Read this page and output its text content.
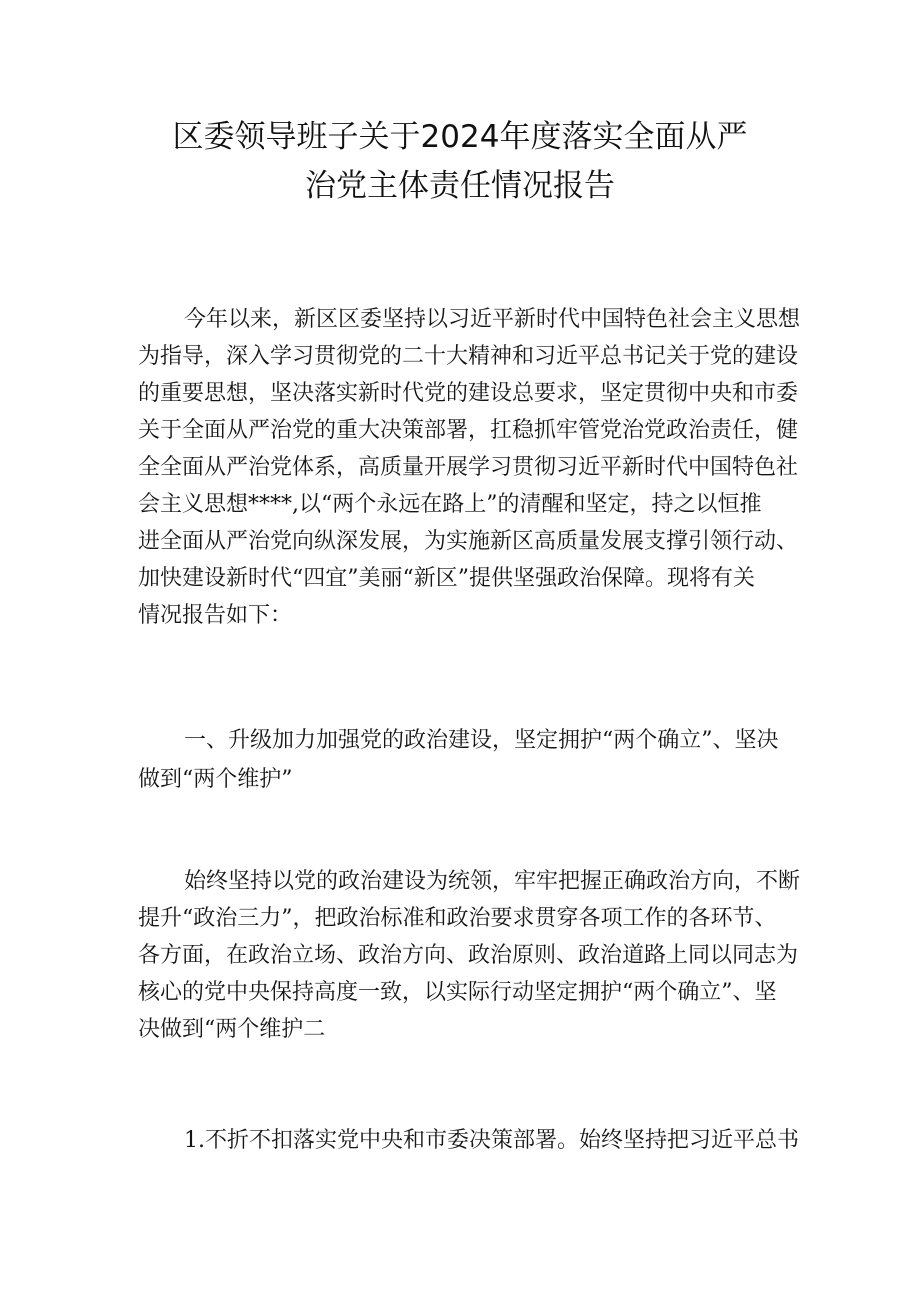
区委领导班子关于2024年度落实全面从严
治党主体责任情况报告
今年以来，新区区委坚持以习近平新时代中国特色社会主义思想
为指导，深入学习贯彻党的二十大精神和习近平总书记关于党的建设
的重要思想，坚决落实新时代党的建设总要求，坚定贯彻中央和市委
关于全面从严治党的重大决策部署，扛稳抓牢管党治党政治责任，健
全全面从严治党体系，高质量开展学习贯彻习近平新时代中国特色社
会主义思想****,以“两个永远在路上”的清醒和坚定，持之以恒推
进全面从严治党向纵深发展，为实施新区高质量发展支撑引领行动、
加快建设新时代“四宜”美丽“新区”提供坚强政治保障。现将有关
情况报告如下：
一、升级加力加强党的政治建设，坚定拥护“两个确立”、坚决
做到“两个维护”
始终坚持以党的政治建设为统领，牢牢把握正确政治方向，不断
提升“政治三力”，把政治标准和政治要求贯穿各项工作的各环节、
各方面，在政治立场、政治方向、政治原则、政治道路上同以同志为
核心的党中央保持高度一致，以实际行动坚定拥护“两个确立”、坚
决做到“两个维护二
1.不折不扣落实党中央和市委决策部署。始终坚持把习近平总书
